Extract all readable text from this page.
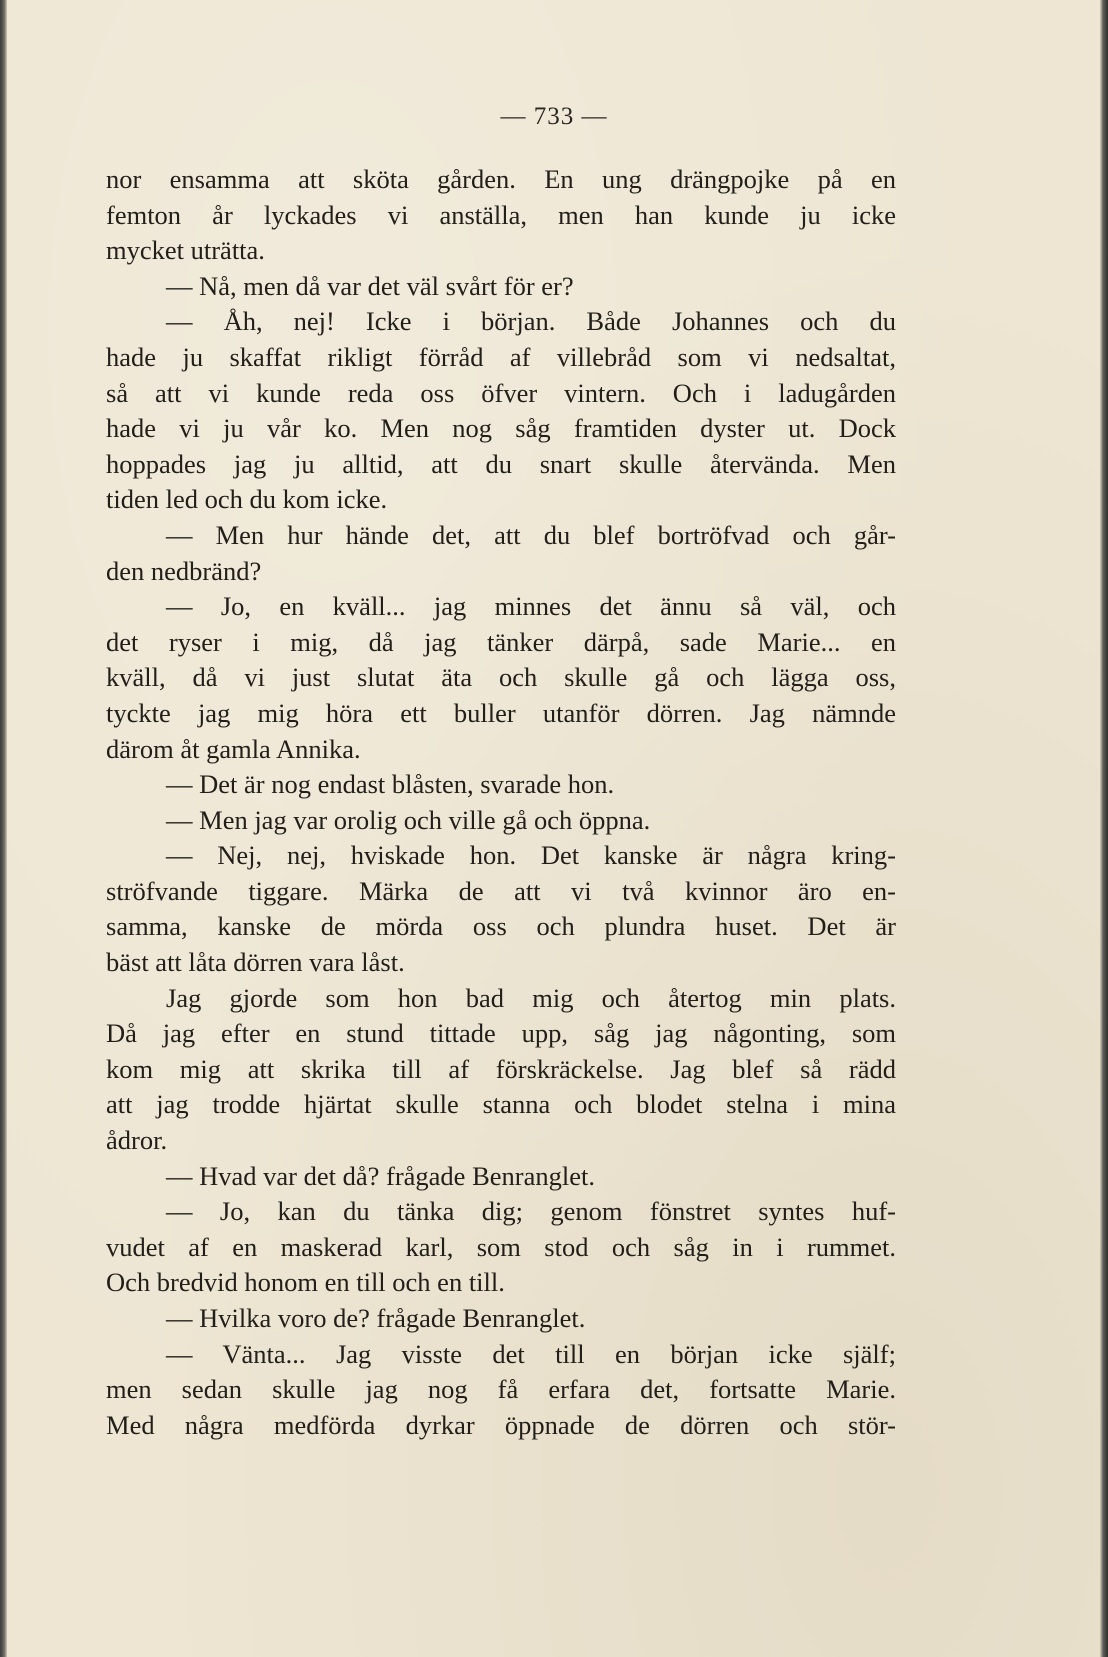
— 733 —
nor ensamma att sköta gården. En ung drängpojke på en
femton år lyckades vi anställa, men han kunde ju icke
mycket uträtta.
— Nå, men då var det väl svårt för er?
— Åh, nej! Icke i början. Både Johannes och du
hade ju skaffat rikligt förråd af villebråd som vi nedsaltat,
så att vi kunde reda oss öfver vintern. Och i ladugården
hade vi ju vår ko. Men nog såg framtiden dyster ut. Dock
hoppades jag ju alltid, att du snart skulle återvända. Men
tiden led och du kom icke.
— Men hur hände det, att du blef bortröfvad och går-
den nedbränd?
— Jo, en kväll... jag minnes det ännu så väl, och
det ryser i mig, då jag tänker därpå, sade Marie... en
kväll, då vi just slutat äta och skulle gå och lägga oss,
tyckte jag mig höra ett buller utanför dörren. Jag nämnde
därom åt gamla Annika.
— Det är nog endast blåsten, svarade hon.
— Men jag var orolig och ville gå och öppna.
— Nej, nej, hviskade hon. Det kanske är några kring-
ströfvande tiggare. Märka de att vi två kvinnor äro en-
samma, kanske de mörda oss och plundra huset. Det är
bäst att låta dörren vara låst.
Jag gjorde som hon bad mig och återtog min plats.
Då jag efter en stund tittade upp, såg jag någonting, som
kom mig att skrika till af förskräckelse. Jag blef så rädd
att jag trodde hjärtat skulle stanna och blodet stelna i mina
ådror.
— Hvad var det då? frågade Benranglet.
— Jo, kan du tänka dig; genom fönstret syntes huf-
vudet af en maskerad karl, som stod och såg in i rummet.
Och bredvid honom en till och en till.
— Hvilka voro de? frågade Benranglet.
— Vänta... Jag visste det till en början icke själf;
men sedan skulle jag nog få erfara det, fortsatte Marie.
Med några medförda dyrkar öppnade de dörren och stör-
